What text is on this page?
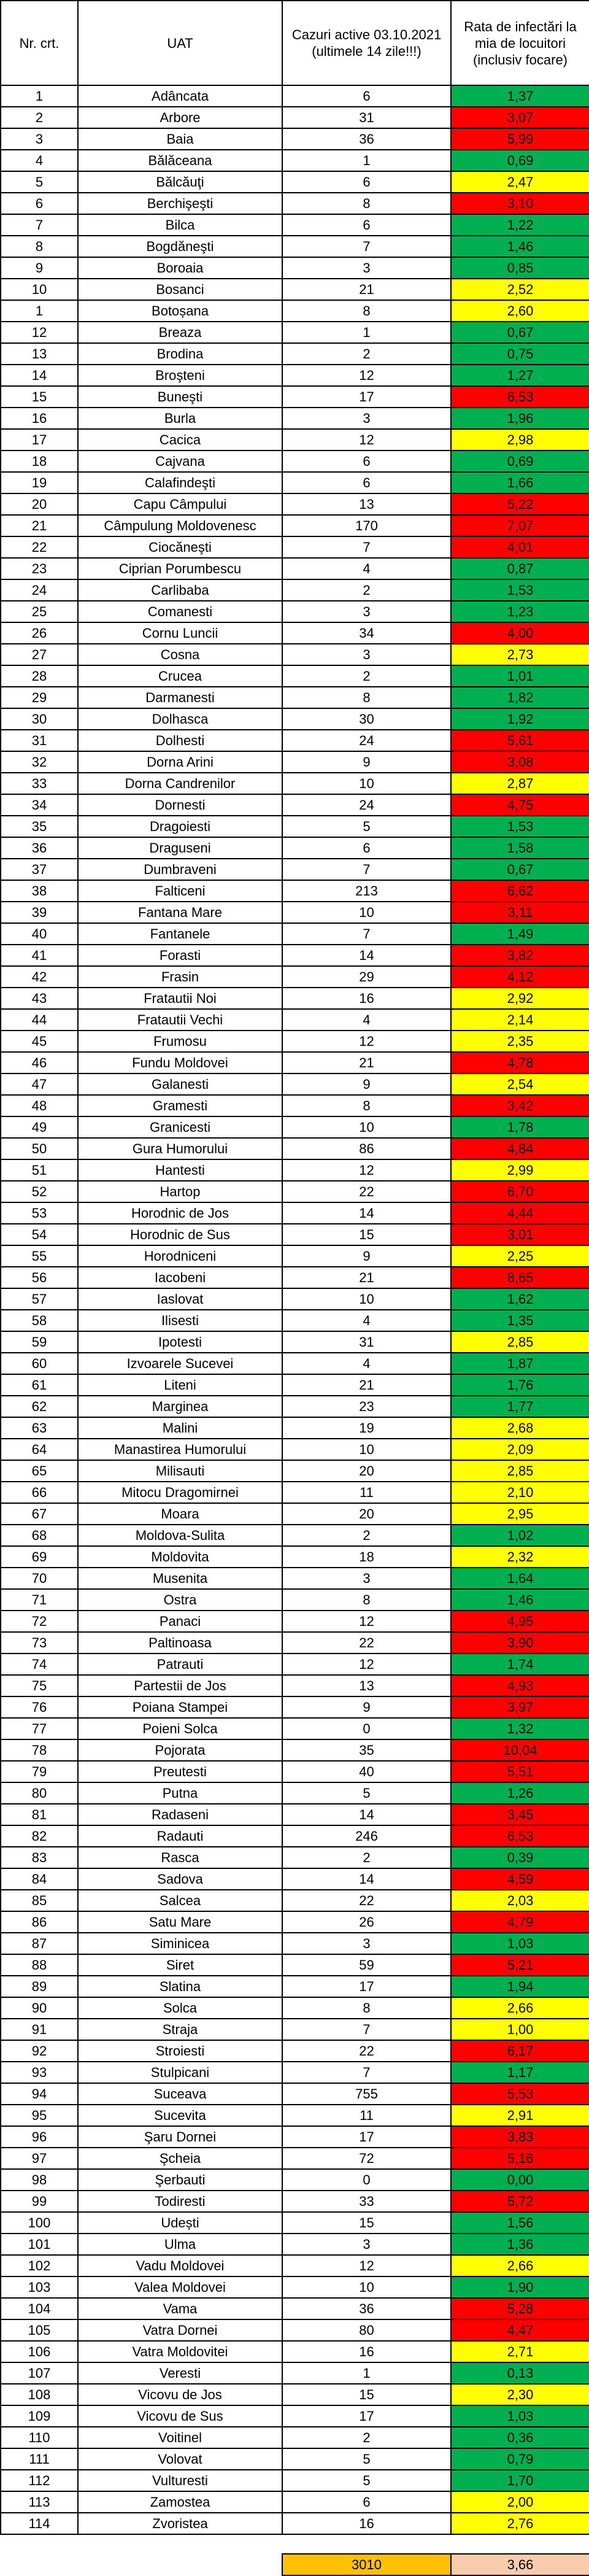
Nr. crt.	UAT	Cazuri active 03.10.2021 (ultimele 14 zile!!!)	Rata de infectări la mia de locuitori (inclusiv focare)
1	Adâncata	6	1,37
2	Arbore	31	3,07
3	Baia	36	5,99
4	Bălăceana	1	0,69
5	Bălcăuţi	6	2,47
6	Berchişeşti	8	3,10
7	Bilca	6	1,22
8	Bogdăneşti	7	1,46
9	Boroaia	3	0,85
10	Bosanci	21	2,52
1	Botoșana	8	2,60
12	Breaza	1	0,67
13	Brodina	2	0,75
14	Broşteni	12	1,27
15	Buneşti	17	6,53
16	Burla	3	1,96
17	Cacica	12	2,98
18	Cajvana	6	0,69
19	Calafindeşti	6	1,66
20	Capu Câmpului	13	5,22
21	Câmpulung Moldovenesc	170	7,07
22	Ciocăneşti	7	4,01
23	Ciprian Porumbescu	4	0,87
24	Carlibaba	2	1,53
25	Comanesti	3	1,23
26	Cornu Luncii	34	4,00
27	Cosna	3	2,73
28	Crucea	2	1,01
29	Darmanesti	8	1,82
30	Dolhasca	30	1,92
31	Dolhesti	24	5,61
32	Dorna Arini	9	3,08
33	Dorna Candrenilor	10	2,87
34	Dornesti	24	4,75
35	Dragoiesti	5	1,53
36	Draguseni	6	1,58
37	Dumbraveni	7	0,67
38	Falticeni	213	6,62
39	Fantana Mare	10	3,11
40	Fantanele	7	1,49
41	Forasti	14	3,82
42	Frasin	29	4,12
43	Fratautii Noi	16	2,92
44	Fratautii Vechi	4	2,14
45	Frumosu	12	2,35
46	Fundu Moldovei	21	4,78
47	Galanesti	9	2,54
48	Gramesti	8	3,42
49	Granicesti	10	1,78
50	Gura Humorului	86	4,84
51	Hantesti	12	2,99
52	Hartop	22	6,70
53	Horodnic de Jos	14	4,44
54	Horodnic de Sus	15	3,01
55	Horodniceni	9	2,25
56	Iacobeni	21	8,65
57	Iaslovat	10	1,62
58	Ilisesti	4	1,35
59	Ipotesti	31	2,85
60	Izvoarele Sucevei	4	1,87
61	Liteni	21	1,76
62	Marginea	23	1,77
63	Malini	19	2,68
64	Manastirea Humorului	10	2,09
65	Milisauti	20	2,85
66	Mitocu Dragomirnei	11	2,10
67	Moara	20	2,95
68	Moldova-Sulita	2	1,02
69	Moldovita	18	2,32
70	Musenita	3	1,64
71	Ostra	8	1,46
72	Panaci	12	4,95
73	Paltinoasa	22	3,90
74	Patrauti	12	1,74
75	Partestii de Jos	13	4,93
76	Poiana Stampei	9	3,97
77	Poieni Solca	0	1,32
78	Pojorata	35	10,04
79	Preutesti	40	5,51
80	Putna	5	1,26
81	Radaseni	14	3,45
82	Radauti	246	6,53
83	Rasca	2	0,39
84	Sadova	14	4,59
85	Salcea	22	2,03
86	Satu Mare	26	4,79
87	Siminicea	3	1,03
88	Siret	59	5,21
89	Slatina	17	1,94
90	Solca	8	2,66
91	Straja	7	1,00
92	Stroiesti	22	6,17
93	Stulpicani	7	1,17
94	Suceava	755	5,53
95	Sucevita	11	2,91
96	Şaru Dornei	17	3,83
97	Şcheia	72	5,16
98	Şerbauti	0	0,00
99	Todiresti	33	5,72
100	Udești	15	1,56
101	Ulma	3	1,36
102	Vadu Moldovei	12	2,66
103	Valea Moldovei	10	1,90
104	Vama	36	5,28
105	Vatra Dornei	80	4,47
106	Vatra Moldovitei	16	2,71
107	Veresti	1	0,13
108	Vicovu de Jos	15	2,30
109	Vicovu de Sus	17	1,03
110	Voitinel	2	0,36
111	Volovat	5	0,79
112	Vulturesti	5	1,70
113	Zamostea	6	2,00
114	Zvoristea	16	2,76

		3010	3,66
